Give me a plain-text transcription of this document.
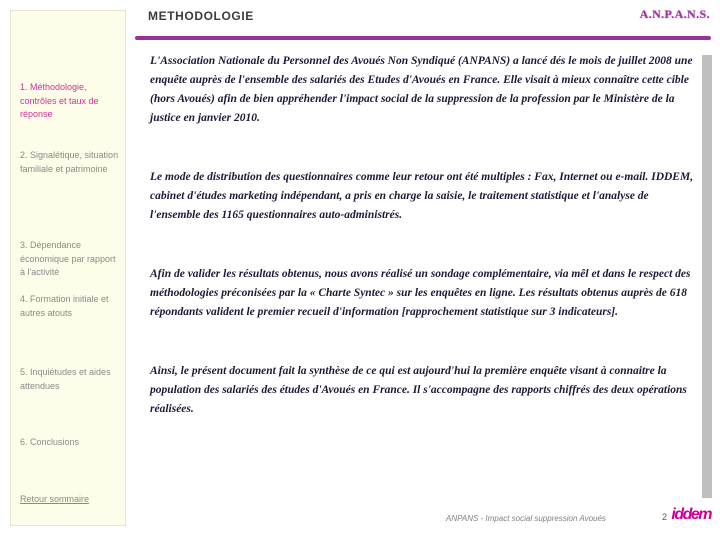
1. Méthodologie, contrôles et taux de réponse
2. Signalétique, situation familiale et patrimoine
3. Dépendance économique par rapport à l'activité
4. Formation initiale et autres atouts
5. Inquiétudes et aides attendues
6. Conclusions
Retour sommaire
METHODOLOGIE	A.N.P.A.N.S.

L'Association Nationale du Personnel des Avoués Non Syndiqué (ANPANS) a lancé dés le mois de juillet 2008 une enquête auprès de l'ensemble des salariés des Etudes d'Avoués en France. Elle visait à mieux connaître cette cible (hors Avoués) afin de bien appréhender l'impact social de la suppression de la profession par le Ministère de la justice en janvier 2010.

Le mode de distribution des questionnaires comme leur retour ont été multiples : Fax, Internet ou e-mail. IDDEM, cabinet d'études marketing indépendant, a pris en charge la saisie, le traitement statistique et l'analyse de l'ensemble des 1165 questionnaires auto-administrés.

Afin de valider les résultats obtenus, nous avons réalisé un sondage complémentaire, via mêl et dans le respect des méthodologies préconisées par la « Charte Syntec » sur les enquêtes en ligne. Les résultats obtenus auprès de 618 répondants valident le premier recueil d'information [rapprochement statistique sur 3 indicateurs].

Ainsi, le présent document fait la synthèse de ce qui est aujourd'hui la première enquête visant à connaitre la population des salariés des études d'Avoués en France. Il s'accompagne des rapports chiffrés des deux opérations réalisées.

ANPANS - Impact social suppression Avoués	2 iddem
